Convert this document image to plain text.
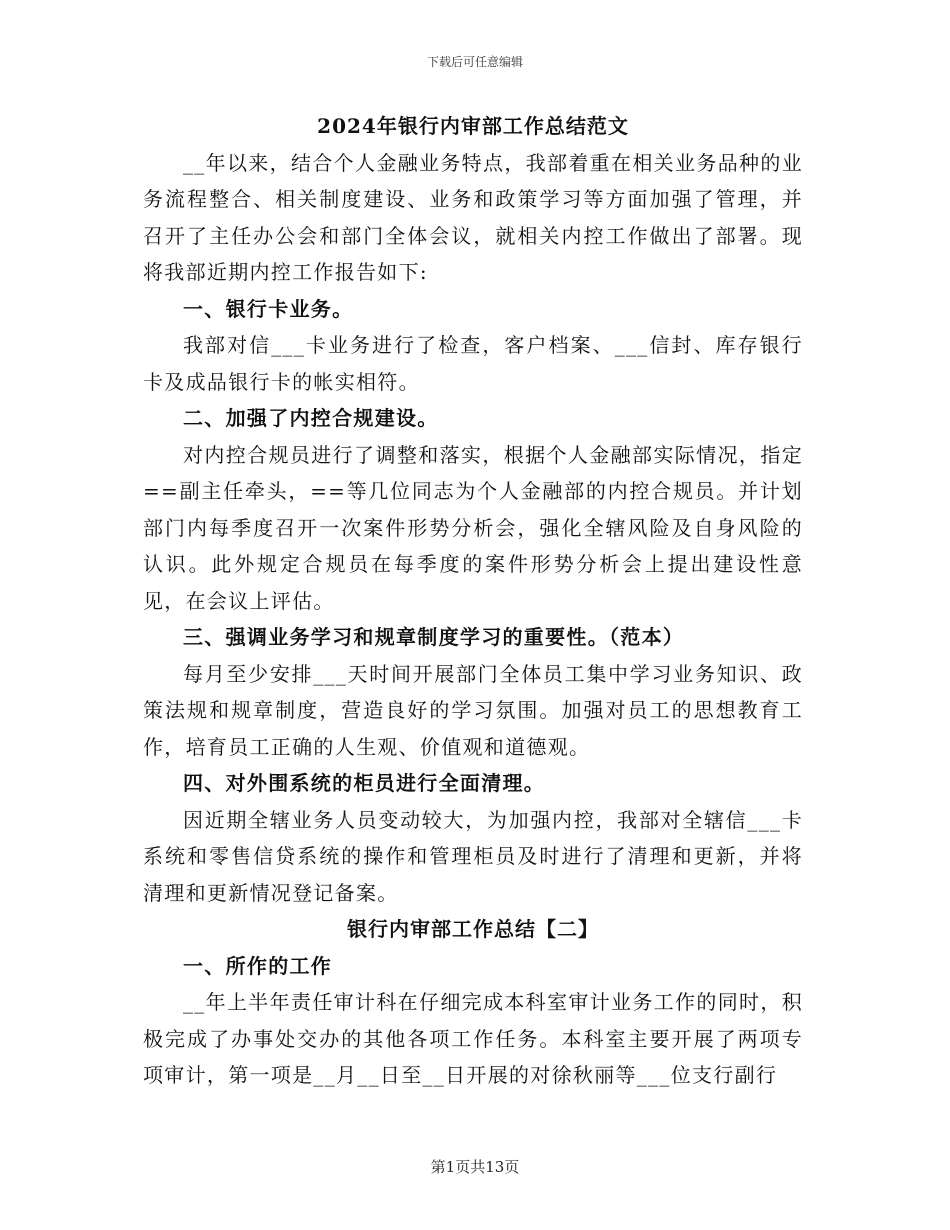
下载后可任意编辑
2024年银行内审部工作总结范文
__年以来，结合个人金融业务特点，我部着重在相关业务品种的业务流程整合、相关制度建设、业务和政策学习等方面加强了管理，并召开了主任办公会和部门全体会议，就相关内控工作做出了部署。现将我部近期内控工作报告如下:
一、银行卡业务。
我部对信___卡业务进行了检查，客户档案、___信封、库存银行卡及成品银行卡的帐实相符。
二、加强了内控合规建设。
对内控合规员进行了调整和落实，根据个人金融部实际情况，指定==副主任牵头，==等几位同志为个人金融部的内控合规员。并计划部门内每季度召开一次案件形势分析会，强化全辖风险及自身风险的认识。此外规定合规员在每季度的案件形势分析会上提出建设性意见，在会议上评估。
三、强调业务学习和规章制度学习的重要性。（范本）
每月至少安排___天时间开展部门全体员工集中学习业务知识、政策法规和规章制度，营造良好的学习氛围。加强对员工的思想教育工作，培育员工正确的人生观、价值观和道德观。
四、对外围系统的柜员进行全面清理。
因近期全辖业务人员变动较大，为加强内控，我部对全辖信___卡系统和零售信贷系统的操作和管理柜员及时进行了清理和更新，并将清理和更新情况登记备案。
银行内审部工作总结【二】
一、所作的工作
__年上半年责任审计科在仔细完成本科室审计业务工作的同时，积极完成了办事处交办的其他各项工作任务。本科室主要开展了两项专项审计，第一项是__月__日至__日开展的对徐秋丽等___位支行副行
第1页共13页
